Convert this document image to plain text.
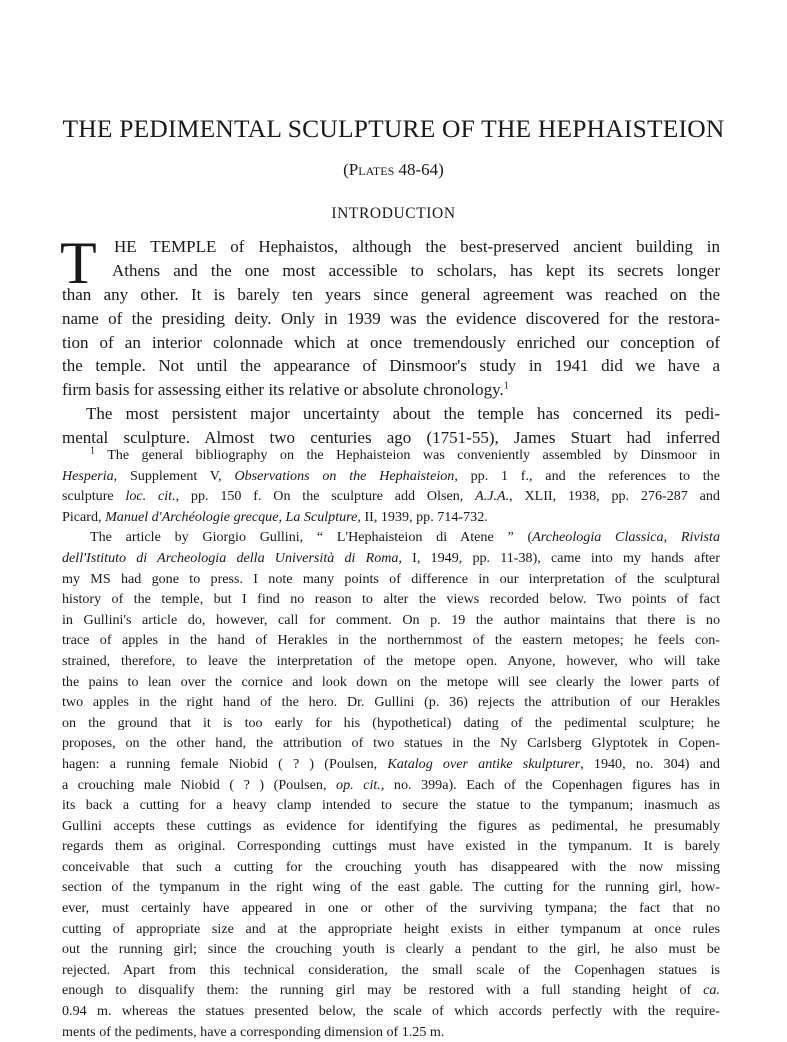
THE PEDIMENTAL SCULPTURE OF THE HEPHAISTEION
(Plates 48-64)
INTRODUCTION
T	HE TEMPLE of Hephaistos, although the best-preserved ancient building in
Athens and the one most accessible to scholars, has kept its secrets longer
than any other. It is barely ten years since general agreement was reached on the
name of the presiding deity. Only in 1939 was the evidence discovered for the restora-
tion of an interior colonnade which at once tremendously enriched our conception of
the temple. Not until the appearance of Dinsmoor's study in 1941 did we have a
firm basis for assessing either its relative or absolute chronology.$^1$
The most persistent major uncertainty about the temple has concerned its pedi-
mental sculpture. Almost two centuries ago (1751-55), James Stuart had inferred
$^1$ The general bibliography on the Hephaisteion was conveniently assembled by Dinsmoor in
Hesperia, Supplement V, Observations on the Hephaisteion, pp. 1 f., and the references to the
sculpture loc. cit., pp. 150 f. On the sculpture add Olsen, A.J.A., XLII, 1938, pp. 276-287 and
Picard, Manuel d'Archéologie grecque, La Sculpture, II, 1939, pp. 714-732.
The article by Giorgio Gullini, “ L'Hephaisteion di Atene ” (Archeologia Classica, Rivista
dell'Istituto di Archeologia della Università di Roma, I, 1949, pp. 11-38), came into my hands after
my MS had gone to press. I note many points of difference in our interpretation of the sculptural
history of the temple, but I find no reason to alter the views recorded below. Two points of fact
in Gullini's article do, however, call for comment. On p. 19 the author maintains that there is no
trace of apples in the hand of Herakles in the northernmost of the eastern metopes; he feels con-
strained, therefore, to leave the interpretation of the metope open. Anyone, however, who will take
the pains to lean over the cornice and look down on the metope will see clearly the lower parts of
two apples in the right hand of the hero. Dr. Gullini (p. 36) rejects the attribution of our Herakles
on the ground that it is too early for his (hypothetical) dating of the pedimental sculpture; he
proposes, on the other hand, the attribution of two statues in the Ny Carlsberg Glyptotek in Copen-
hagen: a running female Niobid ( ? ) (Poulsen, Katalog over antike skulpturer, 1940, no. 304) and
a crouching male Niobid ( ? ) (Poulsen, op. cit., no. 399a). Each of the Copenhagen figures has in
its back a cutting for a heavy clamp intended to secure the statue to the tympanum; inasmuch as
Gullini accepts these cuttings as evidence for identifying the figures as pedimental, he presumably
regards them as original. Corresponding cuttings must have existed in the tympanum. It is barely
conceivable that such a cutting for the crouching youth has disappeared with the now missing
section of the tympanum in the right wing of the east gable. The cutting for the running girl, how-
ever, must certainly have appeared in one or other of the surviving tympana; the fact that no
cutting of appropriate size and at the appropriate height exists in either tympanum at once rules
out the running girl; since the crouching youth is clearly a pendant to the girl, he also must be
rejected. Apart from this technical consideration, the small scale of the Copenhagen statues is
enough to disqualify them: the running girl may be restored with a full standing height of ca.
0.94 m. whereas the statues presented below, the scale of which accords perfectly with the require-
ments of the pediments, have a corresponding dimension of 1.25 m.
